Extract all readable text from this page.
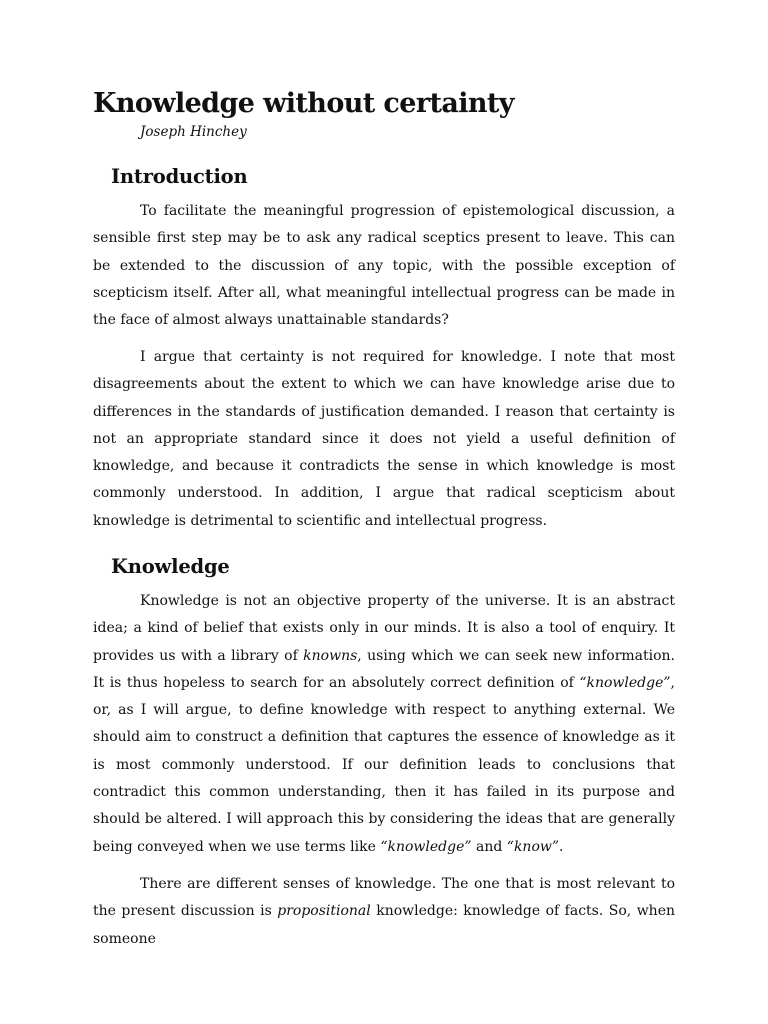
Knowledge without certainty
Joseph Hinchey
Introduction

To facilitate the meaningful progression of epistemological discussion, a sensible first step may be to ask any radical sceptics present to leave. This can be extended to the discussion of any topic, with the possible exception of scepticism itself. After all, what meaningful intellectual progress can be made in the face of almost always unattainable standards?

I argue that certainty is not required for knowledge. I note that most disagreements about the extent to which we can have knowledge arise due to differences in the standards of justification demanded. I reason that certainty is not an appropriate standard since it does not yield a useful definition of knowledge, and because it contradicts the sense in which knowledge is most commonly understood. In addition, I argue that radical scepticism about knowledge is detrimental to scientific and intellectual progress.

Knowledge

Knowledge is not an objective property of the universe. It is an abstract idea; a kind of belief that exists only in our minds. It is also a tool of enquiry. It provides us with a library of knowns, using which we can seek new information. It is thus hopeless to search for an absolutely correct definition of “knowledge”, or, as I will argue, to define knowledge with respect to anything external. We should aim to construct a definition that captures the essence of knowledge as it is most commonly understood. If our definition leads to conclusions that contradict this common understanding, then it has failed in its purpose and should be altered. I will approach this by considering the ideas that are generally being conveyed when we use terms like “knowledge” and “know”.

There are different senses of knowledge. The one that is most relevant to the present discussion is propositional knowledge: knowledge of facts. So, when someone
